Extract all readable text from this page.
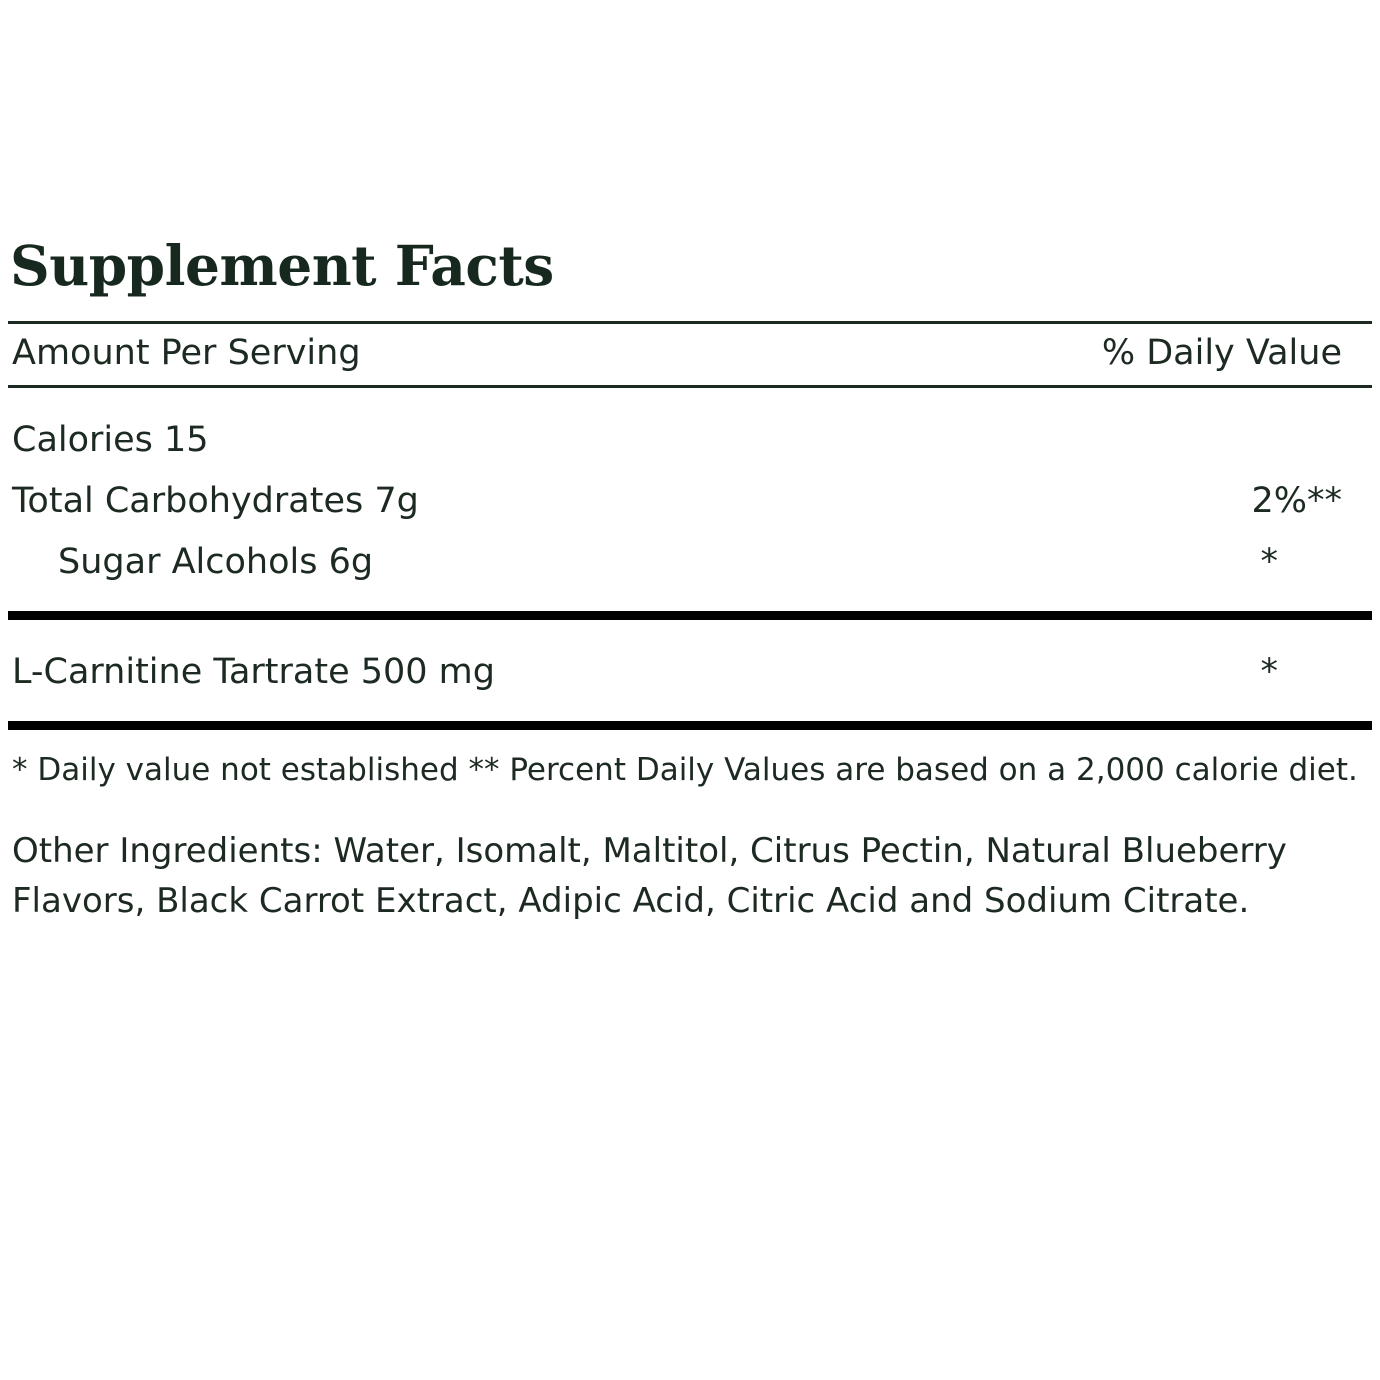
Supplement Facts
Amount Per Serving	% Daily Value
Calories 15
Total Carbohydrates 7g	2%**
Sugar Alcohols 6g	*
L-Carnitine Tartrate 500 mg	*
* Daily value not established ** Percent Daily Values are based on a 2,000 calorie diet.
Other Ingredients: Water, Isomalt, Maltitol, Citrus Pectin, Natural Blueberry Flavors, Black Carrot Extract, Adipic Acid, Citric Acid and Sodium Citrate.
